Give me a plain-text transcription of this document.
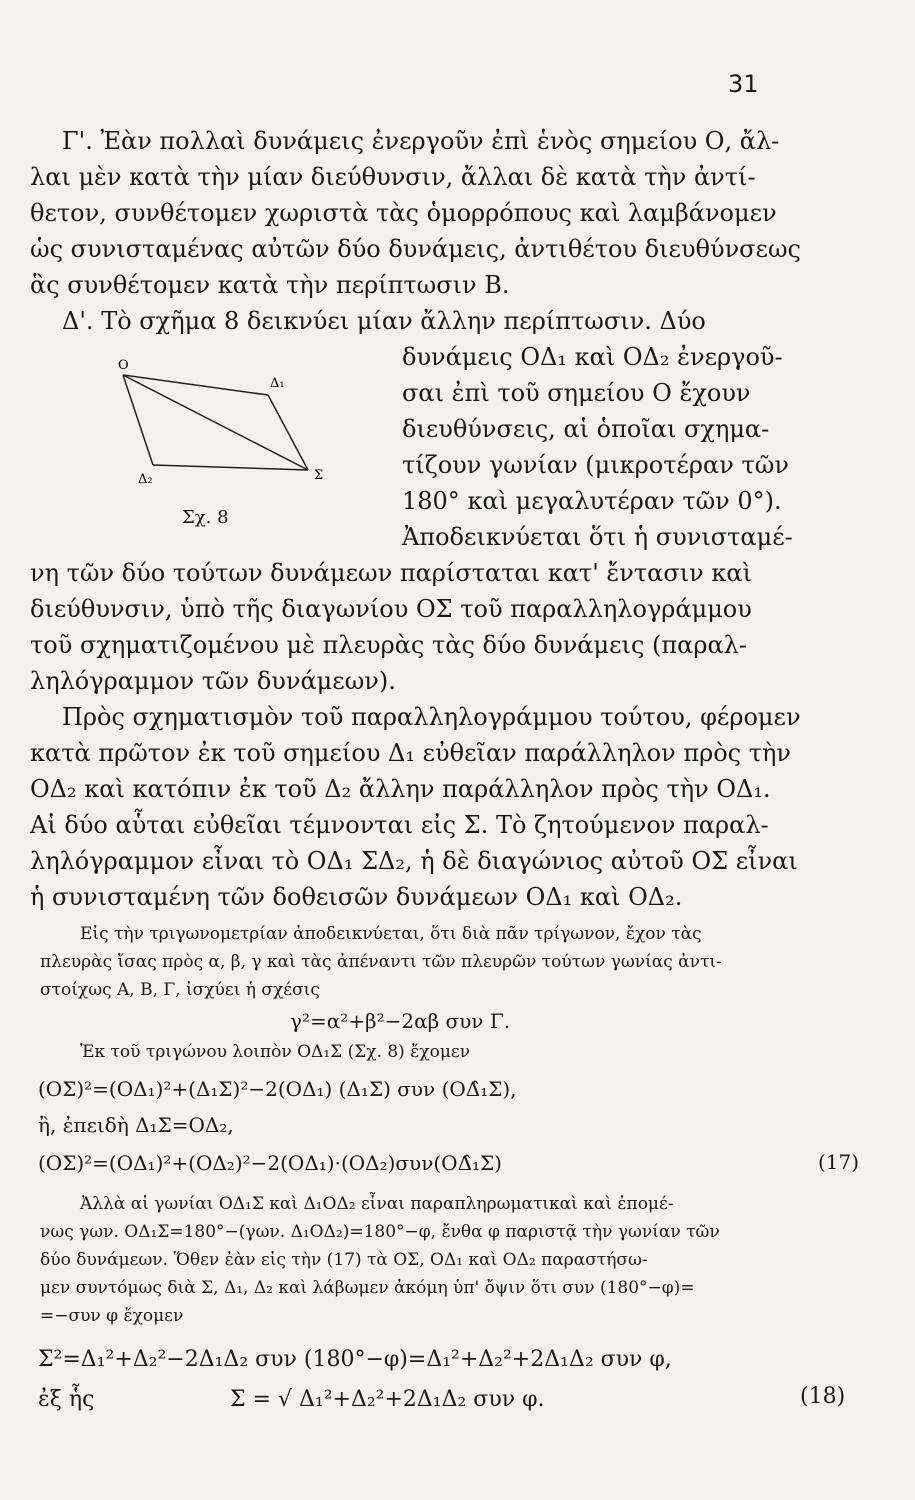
31
Γ'. Ἐὰν πολλαὶ δυνάμεις ἐνεργοῦν ἐπὶ ἑνὸς σημείου Ο, ἄλ-
λαι μὲν κατὰ τὴν μίαν διεύθυνσιν, ἄλλαι δὲ κατὰ τὴν ἀντί-
θετον, συνθέτομεν χωριστὰ τὰς ὁμορρόπους καὶ λαμβάνομεν
ὡς συνισταμένας αὐτῶν δύο δυνάμεις, ἀντιθέτου διευθύνσεως
ἃς συνθέτομεν κατὰ τὴν περίπτωσιν Β.
Δ'. Τὸ σχῆμα 8 δεικνύει μίαν ἄλλην περίπτωσιν. Δύο
δυνάμεις ΟΔ₁ καὶ ΟΔ₂ ἐνεργοῦ-
σαι ἐπὶ τοῦ σημείου Ο ἔχουν
διευθύνσεις, αἱ ὁποῖαι σχημα-
τίζουν γωνίαν (μικροτέραν τῶν
180° καὶ μεγαλυτέραν τῶν 0°).
Ἀποδεικνύεται ὅτι ἡ συνισταμέ-
O
Δ₁
Δ₂	Σ
Σχ. 8
νη τῶν δύο τούτων δυνάμεων παρίσταται κατ' ἔντασιν καὶ
διεύθυνσιν, ὑπὸ τῆς διαγωνίου ΟΣ τοῦ παραλληλογράμμου
τοῦ σχηματιζομένου μὲ πλευρὰς τὰς δύο δυνάμεις (παραλ-
ληλόγραμμον τῶν δυνάμεων).
Πρὸς σχηματισμὸν τοῦ παραλληλογράμμου τούτου, φέρομεν
κατὰ πρῶτον ἐκ τοῦ σημείου Δ₁ εὐθεῖαν παράλληλον πρὸς τὴν
ΟΔ₂ καὶ κατόπιν ἐκ τοῦ Δ₂ ἄλλην παράλληλον πρὸς τὴν ΟΔ₁.
Αἱ δύο αὗται εὐθεῖαι τέμνονται εἰς Σ. Τὸ ζητούμενον παραλ-
ληλόγραμμον εἶναι τὸ ΟΔ₁ ΣΔ₂, ἡ δὲ διαγώνιος αὐτοῦ ΟΣ εἶναι
ἡ συνισταμένη τῶν δοθεισῶν δυνάμεων ΟΔ₁ καὶ ΟΔ₂.
Εἰς τὴν τριγωνομετρίαν ἀποδεικνύεται, ὅτι διὰ πᾶν τρίγωνον, ἔχον τὰς
πλευρὰς ἴσας πρὸς α, β, γ καὶ τὰς ἀπέναντι τῶν πλευρῶν τούτων γωνίας ἀντι-
στοίχως Α, Β, Γ, ἰσχύει ἡ σχέσις
γ²=α²+β²−2αβ συν Γ.
Ἐκ τοῦ τριγώνου λοιπὸν ΟΔ₁Σ (Σχ. 8) ἔχομεν
(ΟΣ)²=(ΟΔ₁)²+(Δ₁Σ)²−2(ΟΔ₁) (Δ₁Σ) συν (ΟΔ̂₁Σ),
ἢ, ἐπειδὴ Δ₁Σ=ΟΔ₂,
(ΟΣ)²=(ΟΔ₁)²+(ΟΔ₂)²−2(ΟΔ₁)·(ΟΔ₂)συν(ΟΔ̂₁Σ)	(17)
Ἀλλὰ αἱ γωνίαι ΟΔ₁Σ καὶ Δ₁ΟΔ₂ εἶναι παραπληρωματικαὶ καὶ ἐπομέ-
νως γων. ΟΔ₁Σ=180°−(γων. Δ₁ΟΔ₂)=180°−φ, ἔνθα φ παριστᾷ τὴν γωνίαν τῶν
δύο δυνάμεων. Ὅθεν ἐὰν εἰς τὴν (17) τὰ ΟΣ, ΟΔ₁ καὶ ΟΔ₂ παραστήσω-
μεν συντόμως διὰ Σ, Δ₁, Δ₂ καὶ λάβωμεν ἀκόμη ὑπ' ὄψιν ὅτι συν (180°−φ)=
=−συν φ ἔχομεν
Σ²=Δ₁²+Δ₂²−2Δ₁Δ₂ συν (180°−φ)=Δ₁²+Δ₂²+2Δ₁Δ₂ συν φ,
ἐξ ἧς	Σ = √ Δ₁²+Δ₂²+2Δ₁Δ₂ συν φ.	(18)
